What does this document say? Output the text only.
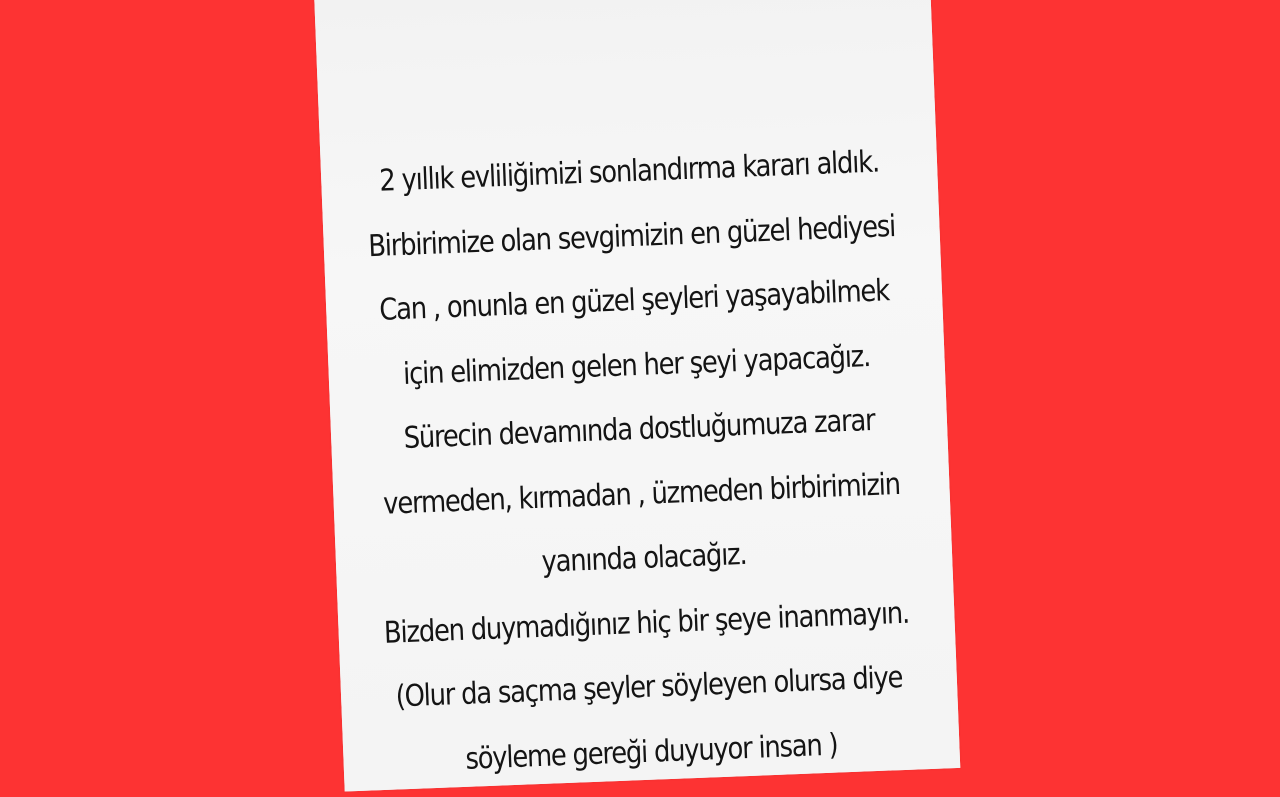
2 yıllık evliliğimizi sonlandırma kararı aldık.
Birbirimize olan sevgimizin en güzel hediyesi
Can , onunla en güzel şeyleri yaşayabilmek
için elimizden gelen her şeyi yapacağız.
Sürecin devamında dostluğumuza zarar
vermeden, kırmadan , üzmeden birbirimizin
yanında olacağız.
Bizden duymadığınız hiç bir şeye inanmayın.
(Olur da saçma şeyler söyleyen olursa diye
söyleme gereği duyuyor insan )
